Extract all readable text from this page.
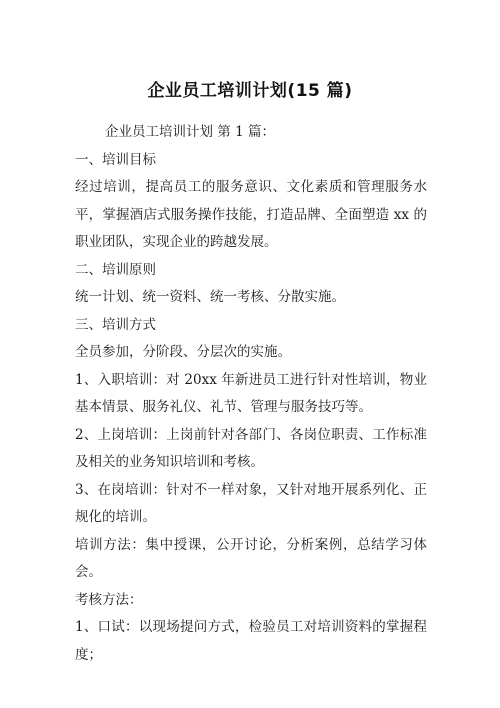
企业员工培训计划(15 篇)

企业员工培训计划 第 1 篇：

一、培训目标

经过培训，提高员工的服务意识、文化素质和管理服务水平，掌握酒店式服务操作技能，打造品牌、全面塑造 xx 的职业团队，实现企业的跨越发展。

二、培训原则

统一计划、统一资料、统一考核、分散实施。

三、培训方式

全员参加，分阶段、分层次的实施。

1、入职培训：对 20xx 年新进员工进行针对性培训，物业基本情景、服务礼仪、礼节、管理与服务技巧等。

2、上岗培训：上岗前针对各部门、各岗位职责、工作标准及相关的业务知识培训和考核。

3、在岗培训：针对不一样对象，又针对地开展系列化、正规化的培训。

培训方法：集中授课，公开讨论，分析案例，总结学习体会。

考核方法：

1、口试：以现场提问方式，检验员工对培训资料的掌握程度；
